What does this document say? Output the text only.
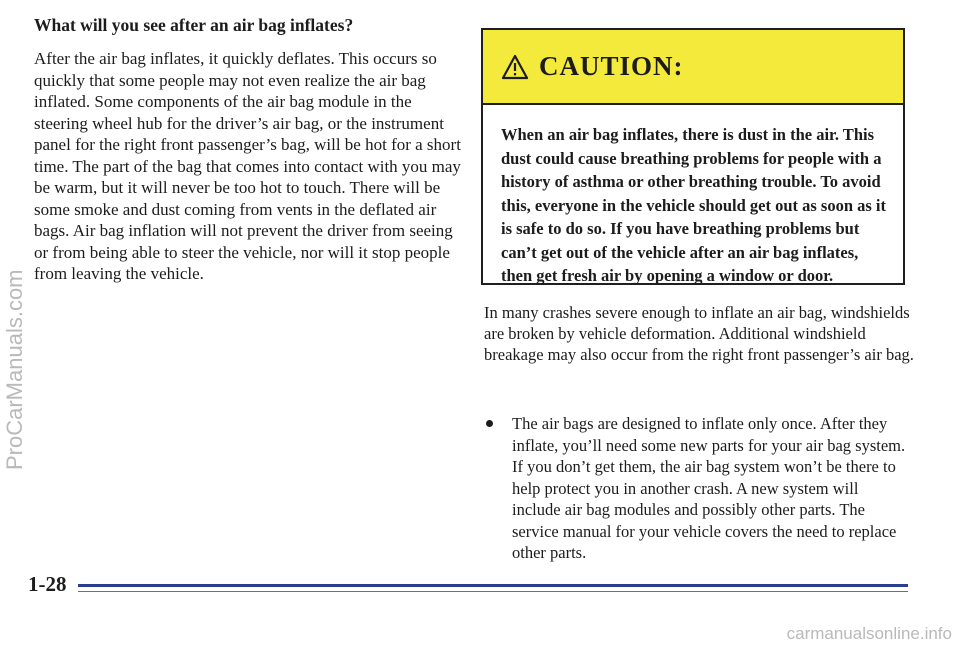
What will you see after an air bag inflates?

After the air bag inflates, it quickly deflates. This occurs so quickly that some people may not even realize the air bag inflated. Some components of the air bag module in the steering wheel hub for the driver’s air bag, or the instrument panel for the right front passenger’s bag, will be hot for a short time. The part of the bag that comes into contact with you may be warm, but it will never be too hot to touch. There will be some smoke and dust coming from vents in the deflated air bags. Air bag inflation will not prevent the driver from seeing or from being able to steer the vehicle, nor will it stop people from leaving the vehicle.

CAUTION:

When an air bag inflates, there is dust in the air. This dust could cause breathing problems for people with a history of asthma or other breathing trouble. To avoid this, everyone in the vehicle should get out as soon as it is safe to do so. If you have breathing problems but can’t get out of the vehicle after an air bag inflates, then get fresh air by opening a window or door.

In many crashes severe enough to inflate an air bag, windshields are broken by vehicle deformation. Additional windshield breakage may also occur from the right front passenger’s air bag.

The air bags are designed to inflate only once. After they inflate, you’ll need some new parts for your air bag system. If you don’t get them, the air bag system won’t be there to help protect you in another crash. A new system will include air bag modules and possibly other parts. The service manual for your vehicle covers the need to replace other parts.

1-28
ProCarManuals.com
carmanualsonline.info
